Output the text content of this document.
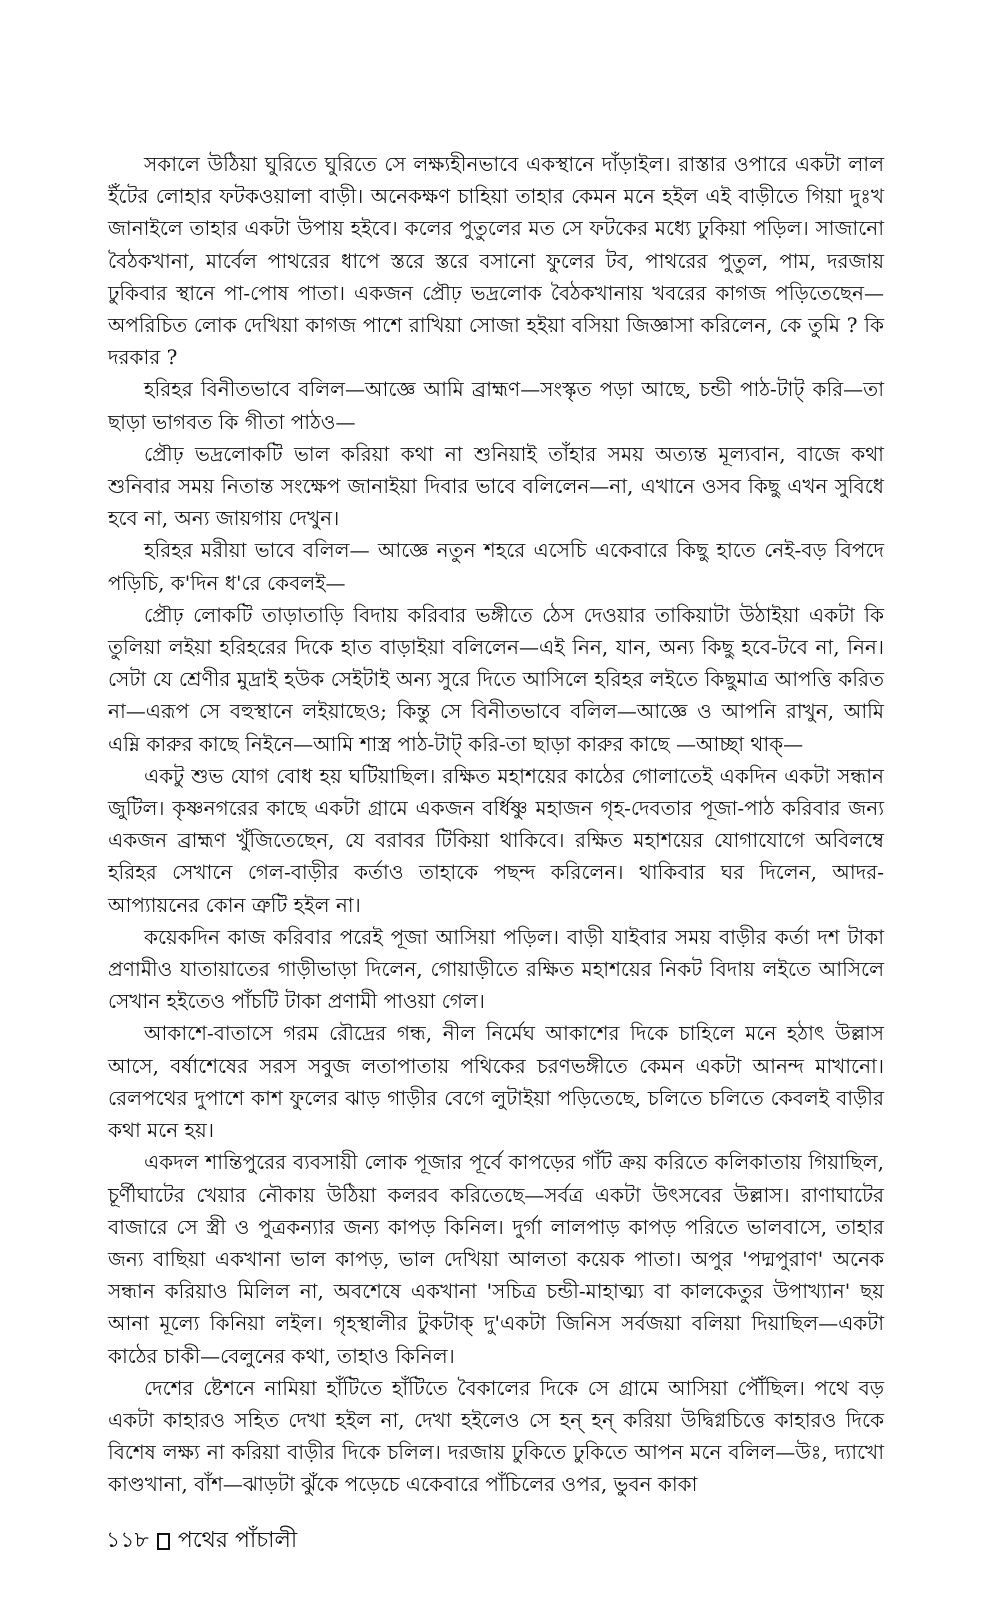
সকালে উঠিয়া ঘুরিতে ঘুরিতে সে লক্ষ্যহীনভাবে একস্থানে দাঁড়াইল। রাস্তার ওপারে একটা লাল ইঁটের লোহার ফটকওয়ালা বাড়ী। অনেকক্ষণ চাহিয়া তাহার কেমন মনে হইল এই বাড়ীতে গিয়া দুঃখ জানাইলে তাহার একটা উপায় হইবে। কলের পুতুলের মত সে ফটকের মধ্যে ঢুকিয়া পড়িল। সাজানো বৈঠকখানা, মার্বেল পাথরের ধাপে স্তরে স্তরে বসানো ফুলের টব, পাথরের পুতুল, পাম, দরজায় ঢুকিবার স্থানে পা-পোষ পাতা। একজন প্রৌঢ় ভদ্রলোক বৈঠকখানায় খবরের কাগজ পড়িতেছেন—অপরিচিত লোক দেখিয়া কাগজ পাশে রাখিয়া সোজা হইয়া বসিয়া জিজ্ঞাসা করিলেন, কে তুমি ? কি দরকার ?

হরিহর বিনীতভাবে বলিল—আজ্ঞে আমি ব্রাহ্মণ—সংস্কৃত পড়া আছে, চন্ডী পাঠ-টাট্ করি—তা ছাড়া ভাগবত কি গীতা পাঠও—

প্রৌঢ় ভদ্রলোকটি ভাল করিয়া কথা না শুনিয়াই তাঁহার সময় অত্যন্ত মূল্যবান, বাজে কথা শুনিবার সময় নিতান্ত সংক্ষেপ জানাইয়া দিবার ভাবে বলিলেন—না, এখানে ওসব কিছু এখন সুবিধে হবে না, অন্য জায়গায় দেখুন।

হরিহর মরীয়া ভাবে বলিল— আজ্ঞে নতুন শহরে এসেচি একেবারে কিছু হাতে নেই-বড় বিপদে পড়িচি, ক'দিন ধ'রে কেবলই—

প্রৌঢ় লোকটি তাড়াতাড়ি বিদায় করিবার ভঙ্গীতে ঠেস দেওয়ার তাকিয়াটা উঠাইয়া একটা কি তুলিয়া লইয়া হরিহরের দিকে হাত বাড়াইয়া বলিলেন—এই নিন, যান, অন্য কিছু হবে-টবে না, নিন। সেটা যে শ্রেণীর মুদ্রাই হউক সেইটাই অন্য সুরে দিতে আসিলে হরিহর লইতে কিছুমাত্র আপত্তি করিত না—এরূপ সে বহুস্থানে লইয়াছেও; কিন্তু সে বিনীতভাবে বলিল—আজ্ঞে ও আপনি রাখুন, আমি এম্নি কারুর কাছে নিইনে—আমি শাস্ত্র পাঠ-টাট্ করি-তা ছাড়া কারুর কাছে —আচ্ছা থাক্—

একটু শুভ যোগ বোধ হয় ঘটিয়াছিল। রক্ষিত মহাশয়ের কাঠের গোলাতেই একদিন একটা সন্ধান জুটিল। কৃষ্ণনগরের কাছে একটা গ্রামে একজন বর্ধিষ্ণু মহাজন গৃহ-দেবতার পূজা-পাঠ করিবার জন্য একজন ব্রাহ্মণ খুঁজিতেছেন, যে বরাবর টিকিয়া থাকিবে। রক্ষিত মহাশয়ের যোগাযোগে অবিলম্বে হরিহর সেখানে গেল-বাড়ীর কর্তাও তাহাকে পছন্দ করিলেন। থাকিবার ঘর দিলেন, আদর-আপ্যায়নের কোন ত্রুটি হইল না।

কয়েকদিন কাজ করিবার পরেই পূজা আসিয়া পড়িল। বাড়ী যাইবার সময় বাড়ীর কর্তা দশ টাকা প্রণামীও যাতায়াতের গাড়ীভাড়া দিলেন, গোয়াড়ীতে রক্ষিত মহাশয়ের নিকট বিদায় লইতে আসিলে সেখান হইতেও পাঁচটি টাকা প্রণামী পাওয়া গেল।

আকাশে-বাতাসে গরম রৌদ্রের গন্ধ, নীল নির্মেঘ আকাশের দিকে চাহিলে মনে হঠাৎ উল্লাস আসে, বর্ষাশেষের সরস সবুজ লতাপাতায় পথিকের চরণভঙ্গীতে কেমন একটা আনন্দ মাখানো। রেলপথের দুপাশে কাশ ফুলের ঝাড় গাড়ীর বেগে লুটাইয়া পড়িতেছে, চলিতে চলিতে কেবলই বাড়ীর কথা মনে হয়।

একদল শান্তিপুরের ব্যবসায়ী লোক পূজার পূর্বে কাপড়ের গাঁট ক্রয় করিতে কলিকাতায় গিয়াছিল, চূর্ণীঘাটের খেয়ার নৌকায় উঠিয়া কলরব করিতেছে—সর্বত্র একটা উৎসবের উল্লাস। রাণাঘাটের বাজারে সে স্ত্রী ও পুত্রকন্যার জন্য কাপড় কিনিল। দুর্গা লালপাড় কাপড় পরিতে ভালবাসে, তাহার জন্য বাছিয়া একখানা ভাল কাপড়, ভাল দেখিয়া আলতা কয়েক পাতা। অপুর 'পদ্মপুরাণ' অনেক সন্ধান করিয়াও মিলিল না, অবশেষে একখানা 'সচিত্র চন্ডী-মাহাত্ম্য বা কালকেতুর উপাখ্যান' ছয় আনা মূল্যে কিনিয়া লইল। গৃহস্থালীর টুকটাক্ দু'একটা জিনিস সর্বজয়া বলিয়া দিয়াছিল—একটা কাঠের চাকী—বেলুনের কথা, তাহাও কিনিল।

দেশের ষ্টেশনে নামিয়া হাঁটিতে হাঁটিতে বৈকালের দিকে সে গ্রামে আসিয়া পৌঁছিল। পথে বড় একটা কাহারও সহিত দেখা হইল না, দেখা হইলেও সে হন্ হন্ করিয়া উদ্বিগ্নচিত্তে কাহারও দিকে বিশেষ লক্ষ্য না করিয়া বাড়ীর দিকে চলিল। দরজায় ঢুকিতে ঢুকিতে আপন মনে বলিল—উঃ, দ্যাখো কাণ্ডখানা, বাঁশ—ঝাড়টা ঝুঁকে পড়েচে একেবারে পাঁচিলের ওপর, ভুবন কাকা

১১৮ পথের পাঁচালী
